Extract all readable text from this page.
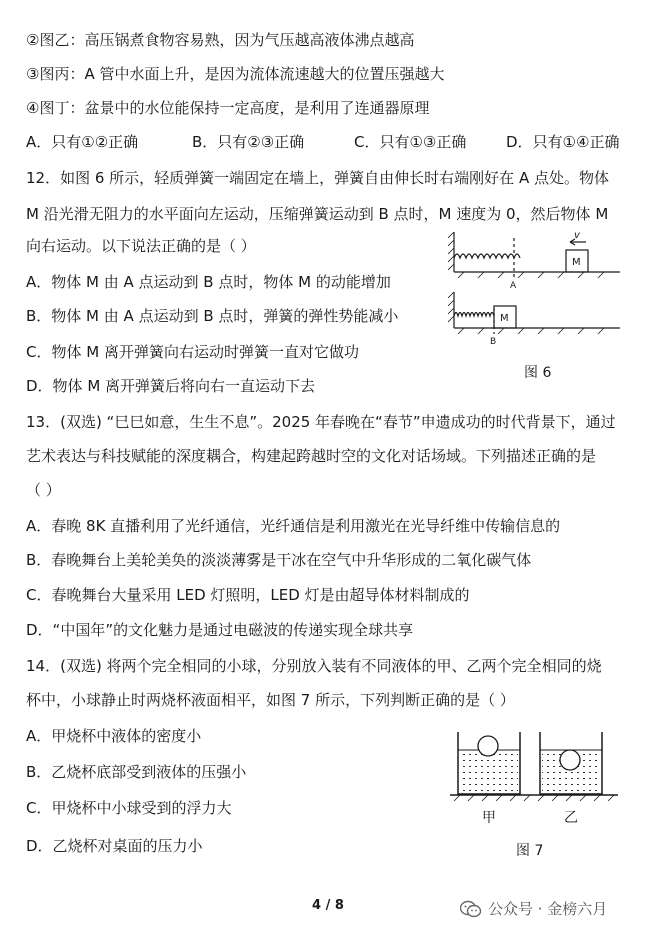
②图乙：高压锅煮食物容易熟，因为气压越高液体沸点越高
③图丙：A 管中水面上升，是因为流体流速越大的位置压强越大
④图丁：盆景中的水位能保持一定高度，是利用了连通器原理
A．只有①②正确	B．只有②③正确	C．只有①③正确	D．只有①④正确
12．如图 6 所示，轻质弹簧一端固定在墙上，弹簧自由伸长时右端刚好在 A 点处。物体
M 沿光滑无阻力的水平面向左运动，压缩弹簧运动到 B 点时，M 速度为 0，然后物体 M
向右运动。以下说法正确的是（ ）
A．物体 M 由 A 点运动到 B 点时，物体 M 的动能增加
B．物体 M 由 A 点运动到 B 点时，弹簧的弹性势能减小
C．物体 M 离开弹簧向右运动时弹簧一直对它做功
D．物体 M 离开弹簧后将向右一直运动下去
13．(双选) “巳巳如意，生生不息”。2025 年春晚在“春节”申遗成功的时代背景下，通过
艺术表达与科技赋能的深度耦合，构建起跨越时空的文化对话场域。下列描述正确的是
（ ）
A．春晚 8K 直播利用了光纤通信，光纤通信是利用激光在光导纤维中传输信息的
B．春晚舞台上美轮美奂的淡淡薄雾是干冰在空气中升华形成的二氧化碳气体
C．春晚舞台大量采用 LED 灯照明，LED 灯是由超导体材料制成的
D．“中国年”的文化魅力是通过电磁波的传递实现全球共享
14．(双选) 将两个完全相同的小球，分别放入装有不同液体的甲、乙两个完全相同的烧
杯中，小球静止时两烧杯液面相平，如图 7 所示，下列判断正确的是（ ）
A．甲烧杯中液体的密度小
B．乙烧杯底部受到液体的压强小
C．甲烧杯中小球受到的浮力大
D．乙烧杯对桌面的压力小
v
M
A
M
B
图 6
甲	乙
图 7
4 / 8	公众号 · 金榜六月
